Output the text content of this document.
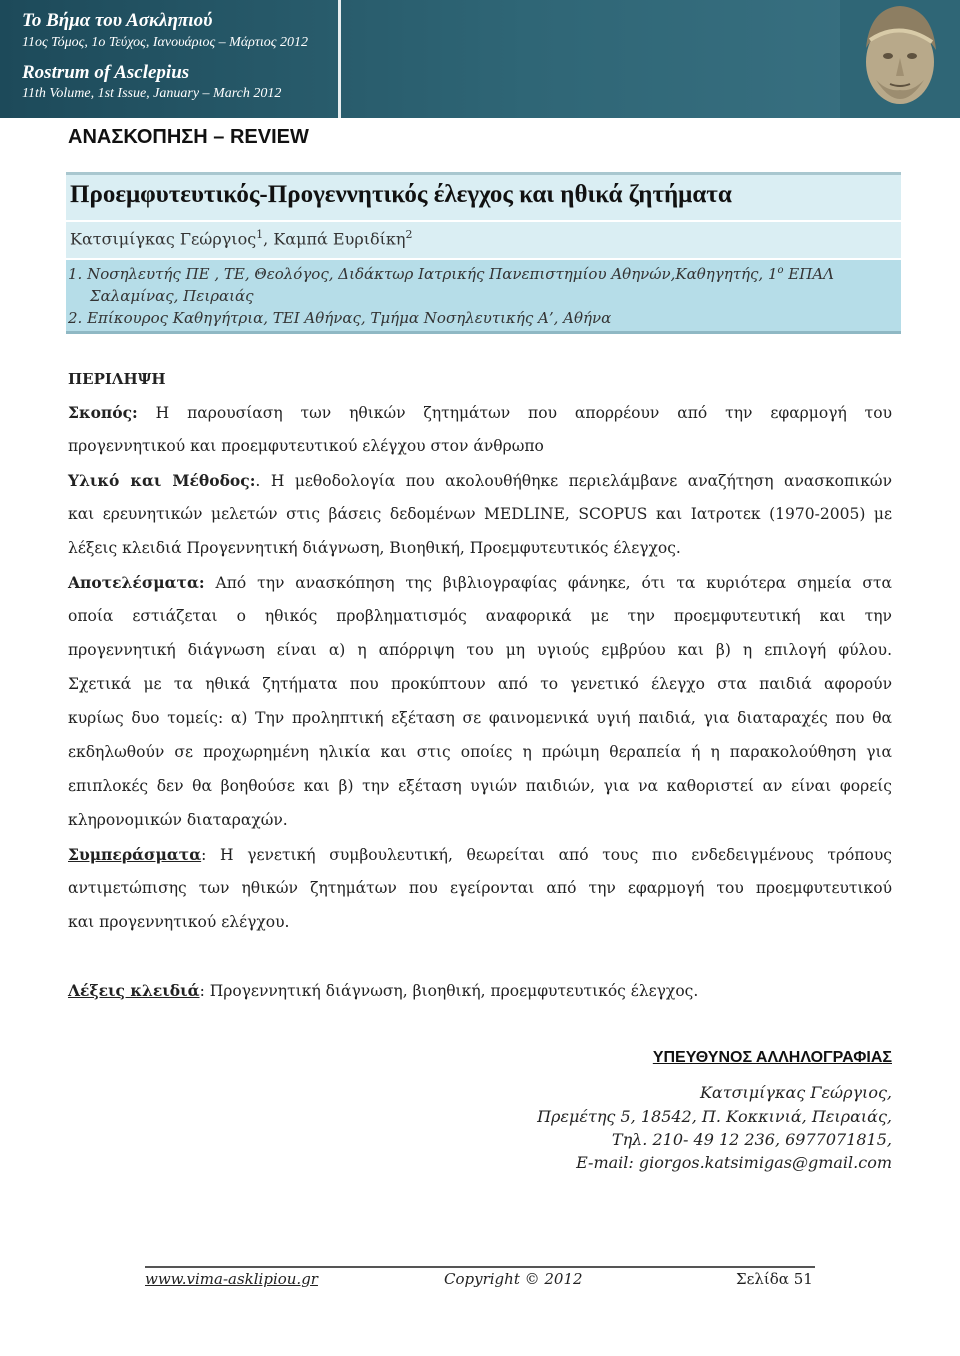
Το Βήμα του Ασκληπιού
11ος Τόμος, 1ο Τεύχος, Ιανουάριος – Μάρτιος 2012
Rostrum of Asclepius
11th Volume, 1st Issue, January – March 2012
ΑΝΑΣΚΟΠΗΣΗ – REVIEW
Προεμφυτευτικός-Προγεννητικός έλεγχος και ηθικά ζητήματα
Κατσιμίγκας Γεώργιος$^1$, Καμπά Ευριδίκη$^2$
1. Νοσηλευτής ΠΕ , ΤΕ, Θεολόγος, Διδάκτωρ Ιατρικής Πανεπιστημίου Αθηνών,Καθηγητής, $1^o$ ΕΠΑΛ
Σαλαμίνας, Πειραιάς
2. Επίκουρος Καθηγήτρια, ΤΕΙ Αθήνας, Τμήμα Νοσηλευτικής Α’, Αθήνα
ΠΕΡΙΛΗΨΗ
Σκοπός: Η παρουσίαση των ηθικών ζητημάτων που απορρέουν από την εφαρμογή του
προγεννητικού και προεμφυτευτικού ελέγχου στον άνθρωπο
Υλικό και Μέθοδος:. Η μεθοδολογία που ακολουθήθηκε περιελάμβανε αναζήτηση ανασκοπικών
και ερευνητικών μελετών στις βάσεις δεδομένων MEDLINE, SCOPUS και Ιατροτεκ (1970-2005) με
λέξεις κλειδιά Προγεννητική διάγνωση, Βιοηθική, Προεμφυτευτικός έλεγχος.
Αποτελέσματα: Από την ανασκόπηση της βιβλιογραφίας φάνηκε, ότι τα κυριότερα σημεία στα
οποία εστιάζεται ο ηθικός προβληματισμός αναφορικά με την προεμφυτευτική και την
προγεννητική διάγνωση είναι α) η απόρριψη του μη υγιούς εμβρύου και β) η επιλογή φύλου.
Σχετικά με τα ηθικά ζητήματα που προκύπτουν από το γενετικό έλεγχο στα παιδιά αφορούν
κυρίως δυο τομείς: α) Την προληπτική εξέταση σε φαινομενικά υγιή παιδιά, για διαταραχές που θα
εκδηλωθούν σε προχωρημένη ηλικία και στις οποίες η πρώιμη θεραπεία ή η παρακολούθηση για
επιπλοκές δεν θα βοηθούσε και β) την εξέταση υγιών παιδιών, για να καθοριστεί αν είναι φορείς
κληρονομικών διαταραχών.
Συμπεράσματα: Η γενετική συμβουλευτική, θεωρείται από τους πιο ενδεδειγμένους τρόπους
αντιμετώπισης των ηθικών ζητημάτων που εγείρονται από την εφαρμογή του προεμφυτευτικού
και προγεννητικού ελέγχου.
Λέξεις κλειδιά: Προγεννητική διάγνωση, βιοηθική, προεμφυτευτικός έλεγχος.
ΥΠΕΥΘΥΝΟΣ ΑΛΛΗΛΟΓΡΑΦΙΑΣ
Κατσιμίγκας Γεώργιος,
Πρεμέτης 5, 18542, Π. Κοκκινιά, Πειραιάς,
Τηλ. 210- 49 12 236, 6977071815,
E-mail: giorgos.katsimigas@gmail.com
www.vima-asklipiou.gr	Copyright © 2012	Σελίδα 51
